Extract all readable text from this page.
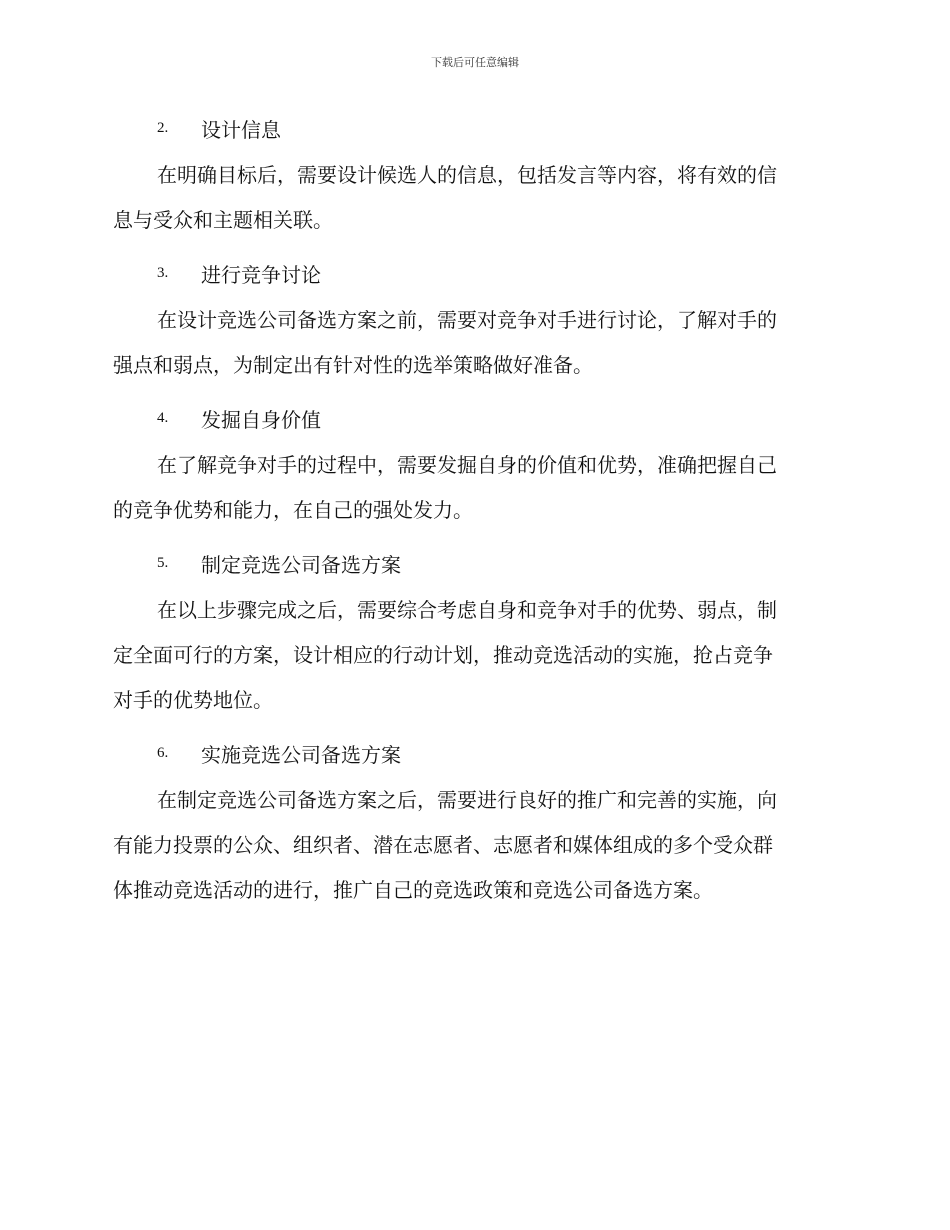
下载后可任意编辑
2.	设计信息
在明确目标后，需要设计候选人的信息，包括发言等内容，将有效的信
息与受众和主题相关联。
3.	进行竞争讨论
在设计竞选公司备选方案之前，需要对竞争对手进行讨论，了解对手的
强点和弱点，为制定出有针对性的选举策略做好准备。
4.	发掘自身价值
在了解竞争对手的过程中，需要发掘自身的价值和优势，准确把握自己
的竞争优势和能力，在自己的强处发力。
5.	制定竞选公司备选方案
在以上步骤完成之后，需要综合考虑自身和竞争对手的优势、弱点，制
定全面可行的方案，设计相应的行动计划，推动竞选活动的实施，抢占竞争
对手的优势地位。
6.	实施竞选公司备选方案
在制定竞选公司备选方案之后，需要进行良好的推广和完善的实施，向
有能力投票的公众、组织者、潜在志愿者、志愿者和媒体组成的多个受众群
体推动竞选活动的进行，推广自己的竞选政策和竞选公司备选方案。
